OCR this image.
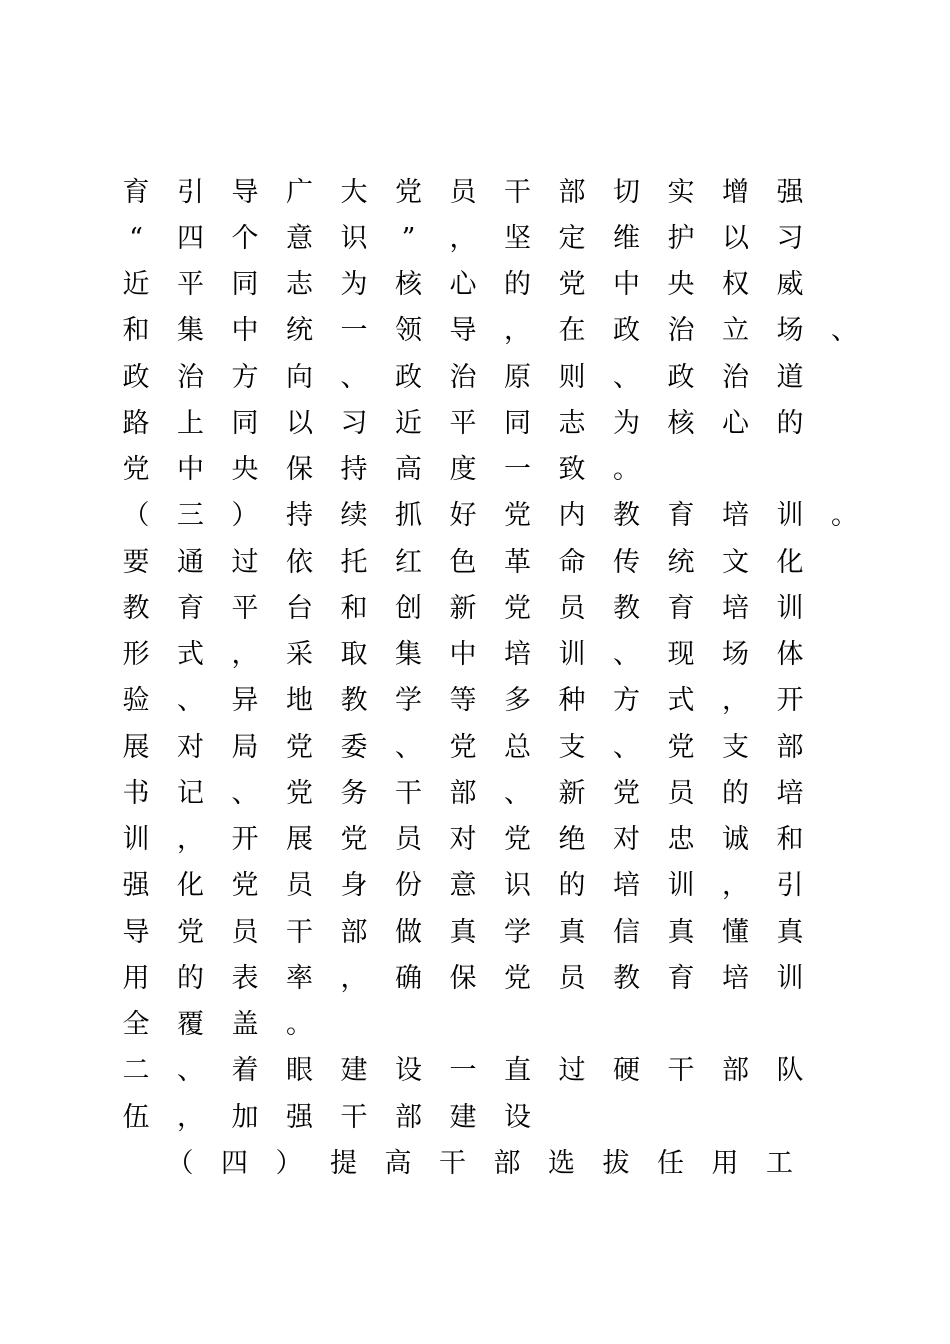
育 引 导 广 大 党 员 干 部 切 实 增 强
“ 四 个 意 识 ” ， 坚 定 维 护 以 习
近 平 同 志 为 核 心 的 党 中 央 权 威
和 集 中 统 一 领 导 ， 在 政 治 立 场 、
政 治 方 向 、 政 治 原 则 、 政 治 道
路 上 同 以 习 近 平 同 志 为 核 心 的
党 中 央 保 持 高 度 一 致 。
（ 三 ） 持 续 抓 好 党 内 教 育 培 训 。
要 通 过 依 托 红 色 革 命 传 统 文 化
教 育 平 台 和 创 新 党 员 教 育 培 训
形 式 ， 采 取 集 中 培 训 、 现 场 体
验 、 异 地 教 学 等 多 种 方 式 ， 开
展 对 局 党 委 、 党 总 支 、 党 支 部
书 记 、 党 务 干 部 、 新 党 员 的 培
训 ， 开 展 党 员 对 党 绝 对 忠 诚 和
强 化 党 员 身 份 意 识 的 培 训 ， 引
导 党 员 干 部 做 真 学 真 信 真 懂 真
用 的 表 率 ， 确 保 党 员 教 育 培 训
全 覆 盖 。
二 、 着 眼 建 设 一 直 过 硬 干 部 队
伍 ， 加 强 干 部 建 设
（ 四 ） 提 高 干 部 选 拔 任 用 工
